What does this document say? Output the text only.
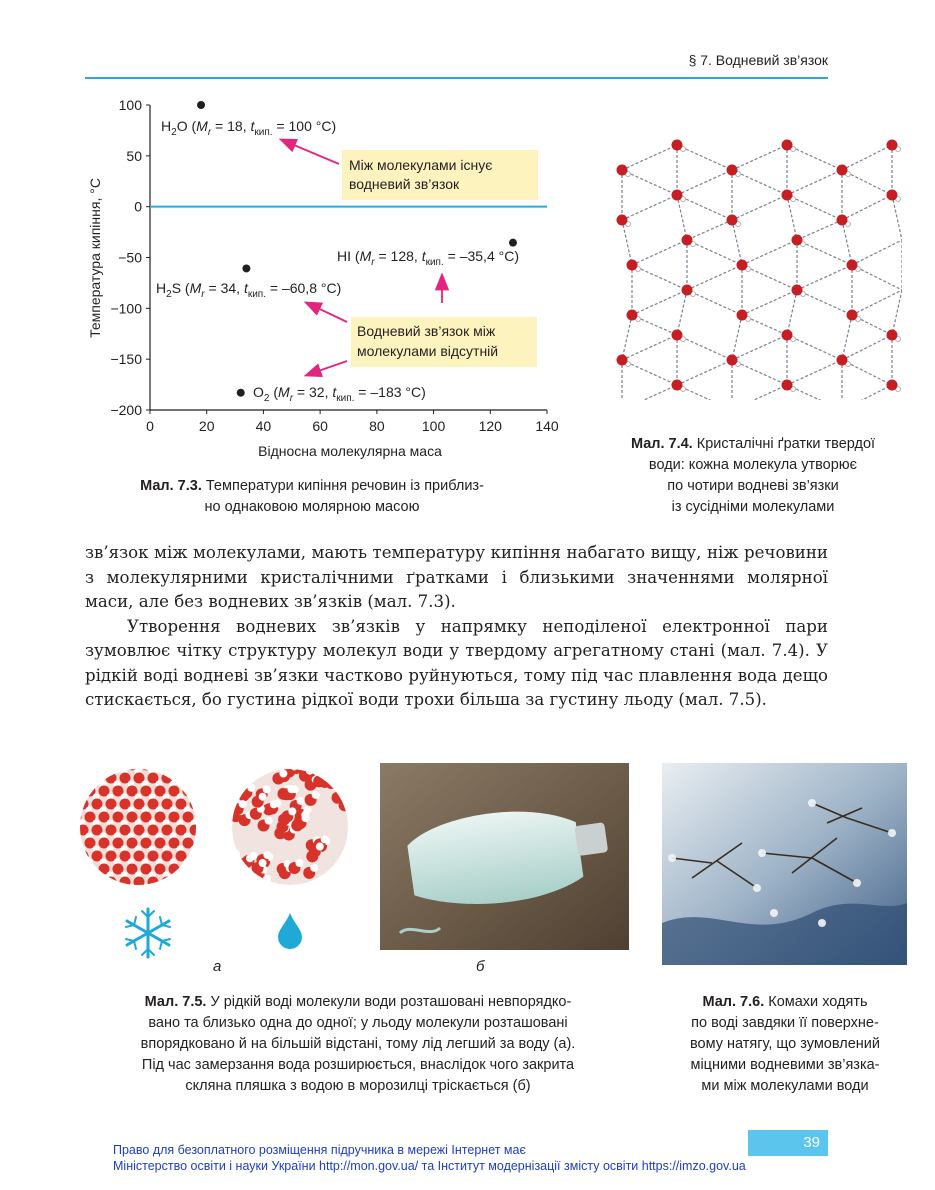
§ 7. Водневий зв’язок
100
50
0
−50
−100
−150
−200
0	20	40	60	80	100 120 140
Температура кипіння, °С
Відносна молекулярна маса
$H_2O$ ($M_r = 18$, $t_{кип.} = 100$ °С)
$H_2S$ ($M_r = 34$, $t_{кип.} = -60,8$ °С)
HI ($M_r = 128$, $t_{кип.} = -35,4$ °С)
$O_2$ ($M_r = 32$, $t_{кип.} = -183$ °С)
Між молекулами існує
водневий зв’язок
Водневий зв’язок між
молекулами відсутній
Мал. 7.3. Температури кипіння речовин із приблиз-
но однаковою молярною масою
Мал. 7.4. Кристалічні ґратки твердої
води: кожна молекула утворює
по чотири водневі зв’язки
із сусідніми молекулами

зв’язок між молекулами, мають температуру кипіння набагато вищу, ніж речовини з молекулярними кристалічними ґратками і близькими значеннями молярної маси, але без водневих зв’язків (мал. 7.3).

Утворення водневих зв’язків у напрямку неподіленої електронної пари зумовлює чітку структуру молекул води у твердому агрегатному стані (мал. 7.4). У рідкій воді водневі зв’язки частково руйнуються, тому під час плавлення вода дещо стискається, бо густина рідкої води трохи більша за густину льоду (мал. 7.5).

а	б
Мал. 7.5. У рідкій воді молекули води розташовані невпорядко-
вано та близько одна до одної; у льоду молекули розташовані
впорядковано й на більшій відстані, тому лід легший за воду (а).
Під час замерзання вода розширюється, внаслідок чого закрита
скляна пляшка з водою в морозилці тріскається (б)
Мал. 7.6. Комахи ходять
по воді завдяки її поверхне-
вому натягу, що зумовлений
міцними водневими зв’язка-
ми між молекулами води
39
Право для безоплатного розміщення підручника в мережі Інтернет має
Міністерство освіти і науки України http://mon.gov.ua/ та Інститут модернізації змісту освіти https://imzo.gov.ua
